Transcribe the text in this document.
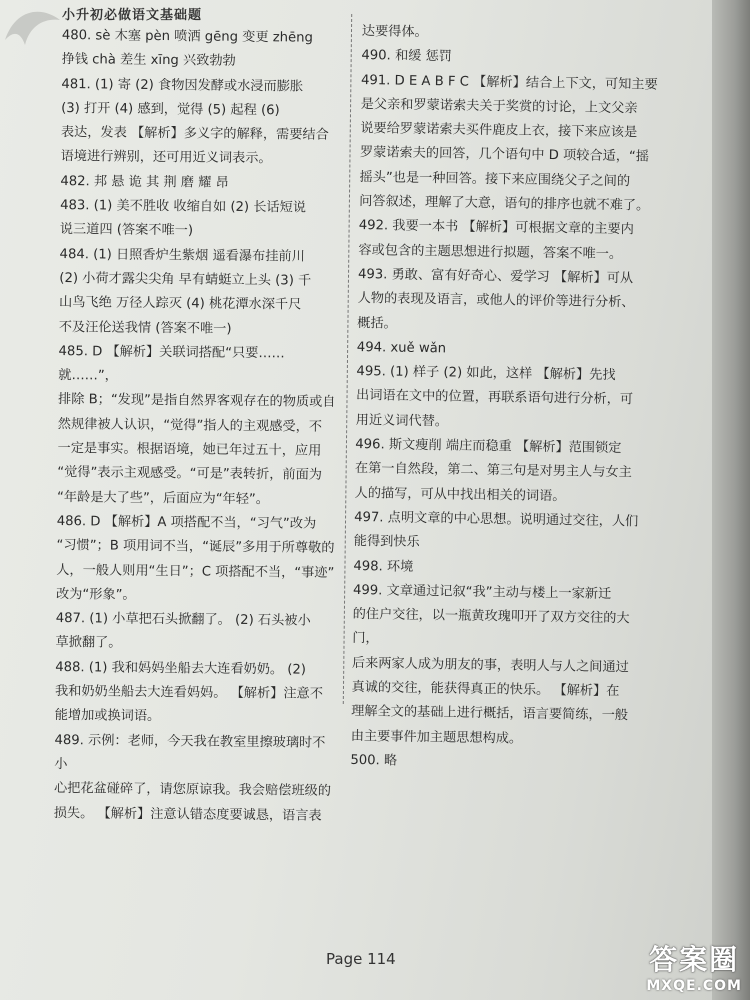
小升初必做语文基础题

480. sè 木塞 pèn 喷洒 gēng 变更 zhēng

挣钱 chà 差生 xīng 兴致勃勃

481. (1) 寄 (2) 食物因发酵或水浸而膨胀

(3) 打开 (4) 感到，觉得 (5) 起程 (6)

表达，发表 【解析】多义字的解释，需要结合

语境进行辨别，还可用近义词表示。

482. 邦 悬 诡 其 荆 磨 耀 昂

483. (1) 美不胜收 收缩自如 (2) 长话短说

说三道四 (答案不唯一)

484. (1) 日照香炉生紫烟 遥看瀑布挂前川

(2) 小荷才露尖尖角 早有蜻蜓立上头 (3) 千

山鸟飞绝 万径人踪灭 (4) 桃花潭水深千尺

不及汪伦送我情 (答案不唯一)

485. D 【解析】关联词搭配“只要……就……”，

排除 B；“发现”是指自然界客观存在的物质或自

然规律被人认识，“觉得”指人的主观感受，不

一定是事实。根据语境，她已年过五十，应用

“觉得”表示主观感受。“可是”表转折，前面为

“年龄是大了些”，后面应为“年轻”。

486. D 【解析】A 项搭配不当，“习气”改为

“习惯”；B 项用词不当，“诞辰”多用于所尊敬的

人，一般人则用“生日”；C 项搭配不当，“事迹”

改为“形象”。

487. (1) 小草把石头掀翻了。 (2) 石头被小

草掀翻了。

488. (1) 我和妈妈坐船去大连看奶奶。 (2)

我和奶奶坐船去大连看妈妈。 【解析】注意不

能增加或换词语。

489. 示例：老师，今天我在教室里擦玻璃时不小

心把花盆碰碎了，请您原谅我。我会赔偿班级的

损失。 【解析】注意认错态度要诚恳，语言表

达要得体。

490. 和缓 惩罚

491. D E A B F C 【解析】结合上下文，可知主要

是父亲和罗蒙诺索夫关于奖赏的讨论，上文父亲

说要给罗蒙诺索夫买件鹿皮上衣，接下来应该是

罗蒙诺索夫的回答，几个语句中 D 项较合适，“摇

摇头”也是一种回答。接下来应围绕父子之间的

问答叙述，理解了大意，语句的排序也就不难了。

492. 我要一本书 【解析】可根据文章的主要内

容或包含的主题思想进行拟题，答案不唯一。

493. 勇敢、富有好奇心、爱学习 【解析】可从

人物的表现及语言，或他人的评价等进行分析、

概括。

494. xuě wǎn

495. (1) 样子 (2) 如此，这样 【解析】先找

出词语在文中的位置，再联系语句进行分析，可

用近义词代替。

496. 斯文瘦削 端庄而稳重 【解析】范围锁定

在第一自然段，第二、第三句是对男主人与女主

人的描写，可从中找出相关的词语。

497. 点明文章的中心思想。说明通过交往，人们

能得到快乐

498. 环境

499. 文章通过记叙“我”主动与楼上一家新迁

的住户交往，以一瓶黄玫瑰叩开了双方交往的大门，

后来两家人成为朋友的事，表明人与人之间通过

真诚的交往，能获得真正的快乐。 【解析】在

理解全文的基础上进行概括，语言要简练，一般

由主要事件加主题思想构成。

500. 略

Page 114	答案圈
MXQE.COM
